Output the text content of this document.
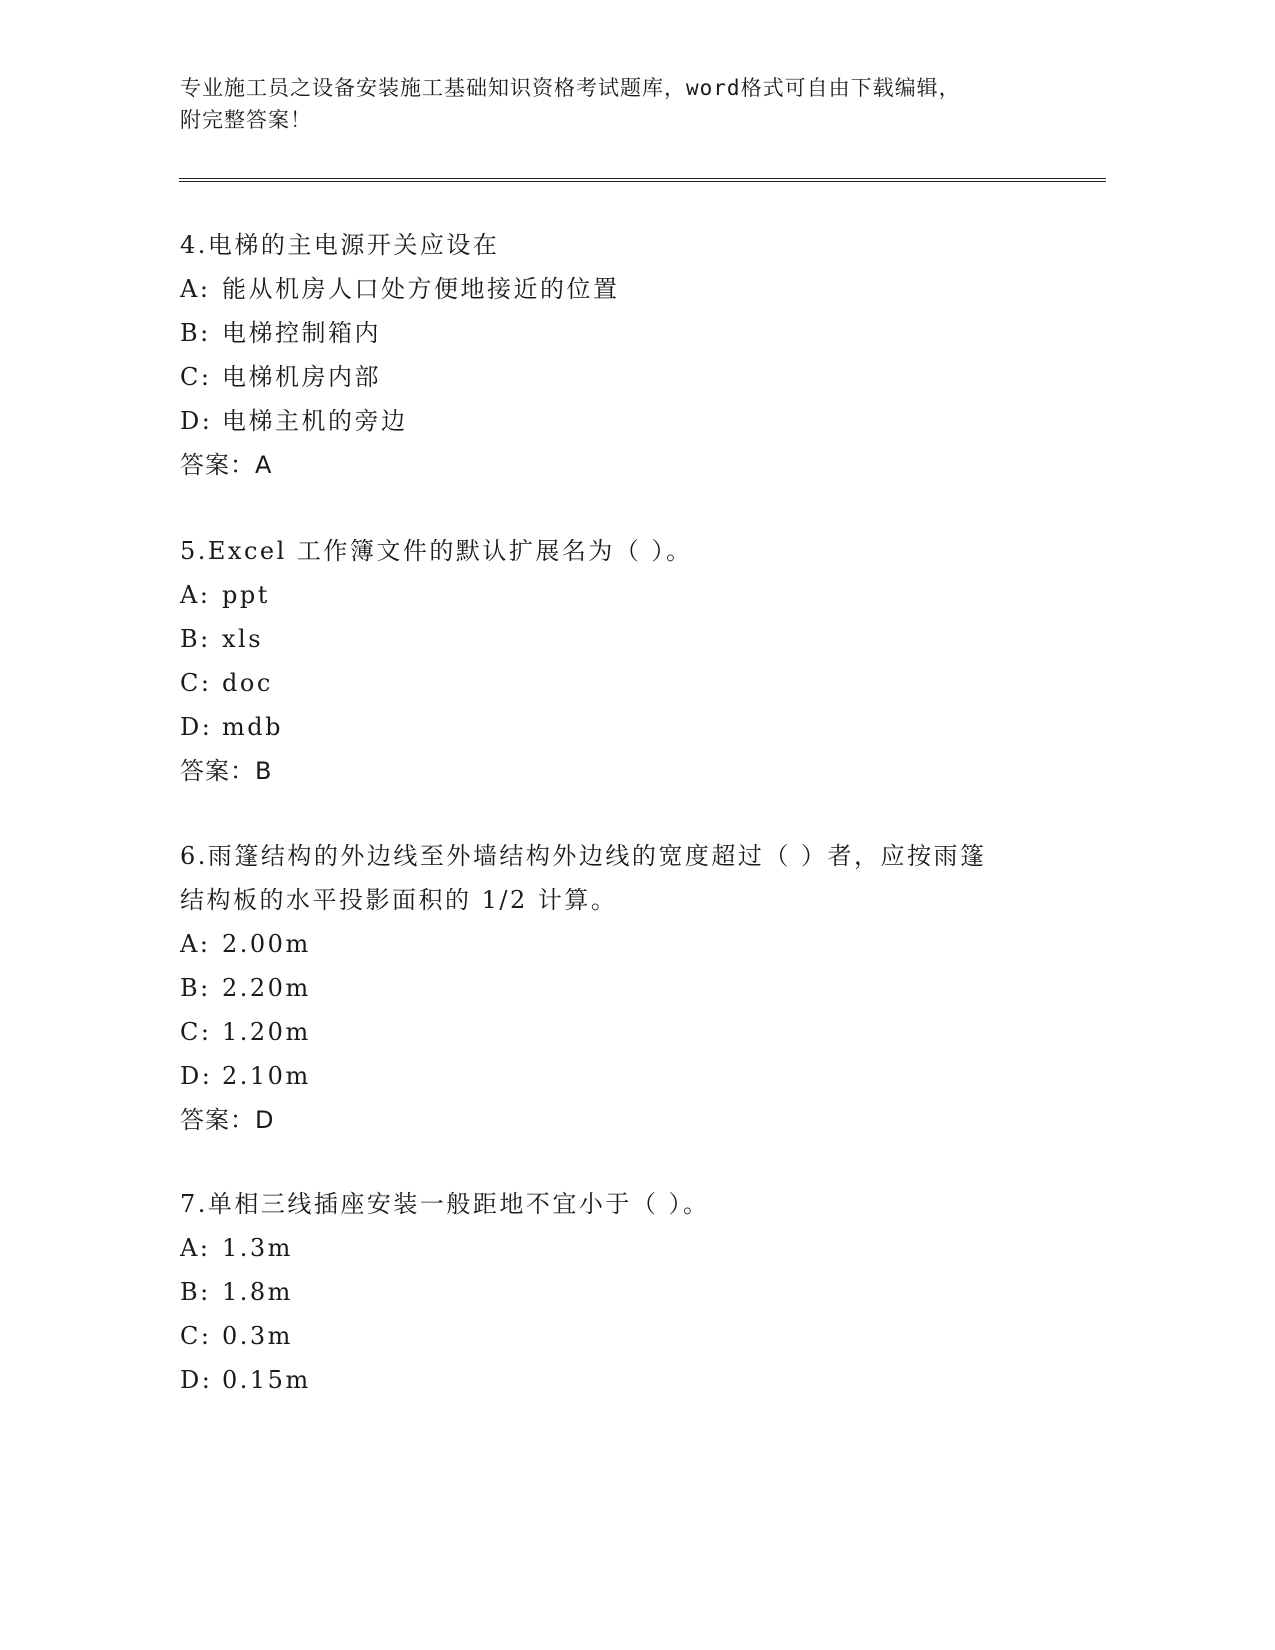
专业施工员之设备安装施工基础知识资格考试题库，word格式可自由下载编辑，
附完整答案！

4.电梯的主电源开关应设在

A: 能从机房人口处方便地接近的位置

B: 电梯控制箱内

C: 电梯机房内部

D: 电梯主机的旁边

答案：A

5.Excel 工作簿文件的默认扩展名为（ ）。

A: ppt

B: xls

C: doc

D: mdb

答案：B

6.雨篷结构的外边线至外墙结构外边线的宽度超过（ ）者，应按雨篷

结构板的水平投影面积的 1/2 计算。

A: 2.00m

B: 2.20m

C: 1.20m

D: 2.10m

答案：D

7.单相三线插座安装一般距地不宜小于（ ）。

A: 1.3m

B: 1.8m

C: 0.3m

D: 0.15m
